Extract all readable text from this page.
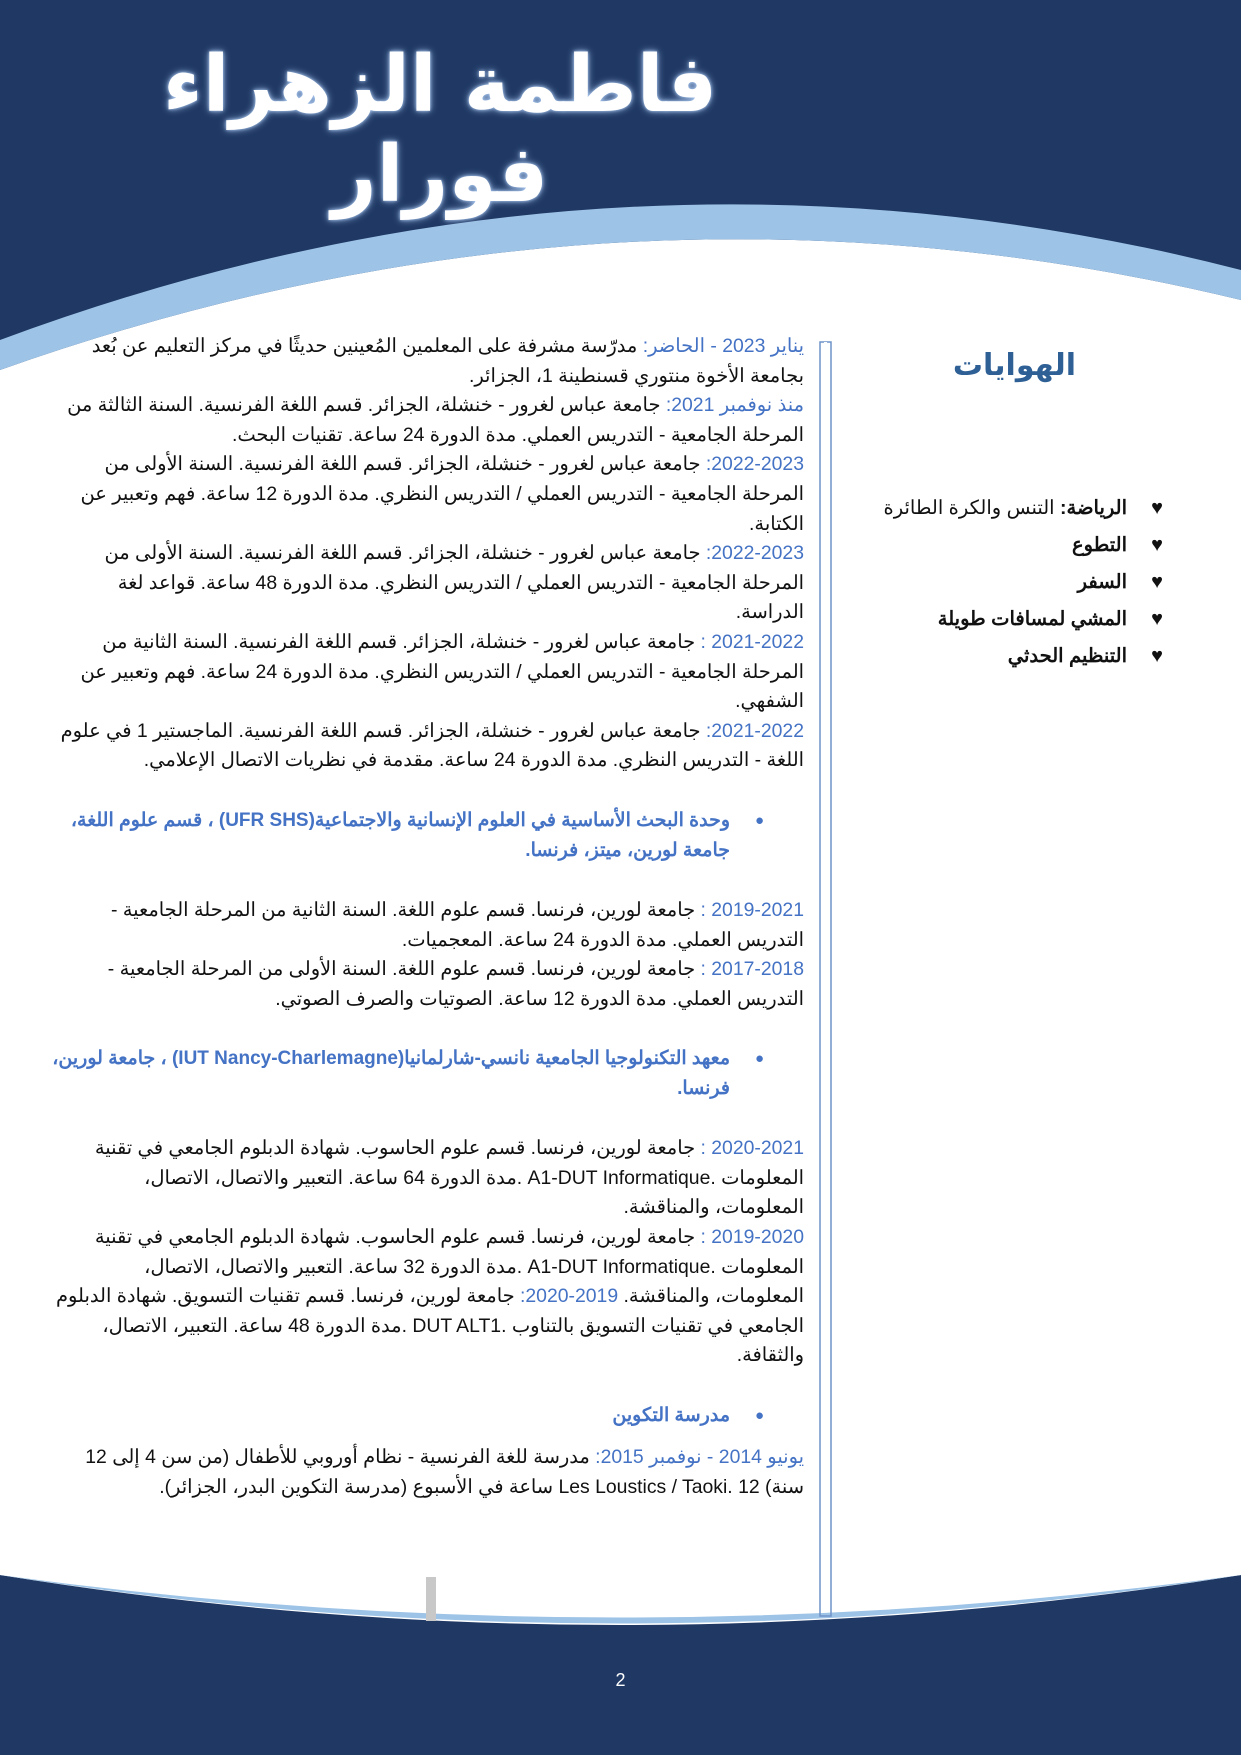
فاطمة الزهراء فورار

يناير 2023 - الحاضر: مدرّسة مشرفة على المعلمين المُعينين حديثًا في مركز التعليم عن بُعد بجامعة الأخوة منتوري قسنطينة 1، الجزائر.

منذ نوفمبر 2021: جامعة عباس لغرور - خنشلة، الجزائر. قسم اللغة الفرنسية. السنة الثالثة من المرحلة الجامعية - التدريس العملي. مدة الدورة 24 ساعة. تقنيات البحث.

2022-2023: جامعة عباس لغرور - خنشلة، الجزائر. قسم اللغة الفرنسية. السنة الأولى من المرحلة الجامعية - التدريس العملي / التدريس النظري. مدة الدورة 12 ساعة. فهم وتعبير عن الكتابة.

2022-2023: جامعة عباس لغرور - خنشلة، الجزائر. قسم اللغة الفرنسية. السنة الأولى من المرحلة الجامعية - التدريس العملي / التدريس النظري. مدة الدورة 48 ساعة. قواعد لغة الدراسة.

2021-2022 : جامعة عباس لغرور - خنشلة، الجزائر. قسم اللغة الفرنسية. السنة الثانية من المرحلة الجامعية - التدريس العملي / التدريس النظري. مدة الدورة 24 ساعة. فهم وتعبير عن الشفهي.

2021-2022: جامعة عباس لغرور - خنشلة، الجزائر. قسم اللغة الفرنسية. الماجستير 1 في علوم اللغة - التدريس النظري. مدة الدورة 24 ساعة. مقدمة في نظريات الاتصال الإعلامي.

●
وحدة البحث الأساسية في العلوم الإنسانية والاجتماعية(UFR SHS) ، قسم علوم اللغة، جامعة لورين، ميتز، فرنسا.

2019-2021 : جامعة لورين، فرنسا. قسم علوم اللغة. السنة الثانية من المرحلة الجامعية - التدريس العملي. مدة الدورة 24 ساعة. المعجميات.

2017-2018 : جامعة لورين، فرنسا. قسم علوم اللغة. السنة الأولى من المرحلة الجامعية - التدريس العملي. مدة الدورة 12 ساعة. الصوتيات والصرف الصوتي.

●
معهد التكنولوجيا الجامعية نانسي-شارلمانيا(IUT Nancy-Charlemagne) ، جامعة لورين، فرنسا.

2020-2021 : جامعة لورين، فرنسا. قسم علوم الحاسوب. شهادة الدبلوم الجامعي في تقنية المعلومات .A1-DUT Informatique .مدة الدورة 64 ساعة. التعبير والاتصال، الاتصال، المعلومات، والمناقشة.

2019-2020 : جامعة لورين، فرنسا. قسم علوم الحاسوب. شهادة الدبلوم الجامعي في تقنية المعلومات .A1-DUT Informatique .مدة الدورة 32 ساعة. التعبير والاتصال، الاتصال، المعلومات، والمناقشة. 2019-2020: جامعة لورين، فرنسا. قسم تقنيات التسويق. شهادة الدبلوم الجامعي في تقنيات التسويق بالتناوب .DUT ALT1 .مدة الدورة 48 ساعة. التعبير، الاتصال، والثقافة.

●
مدرسة التكوين

يونيو 2014 - نوفمبر 2015: مدرسة للغة الفرنسية - نظام أوروبي للأطفال (من سن 4 إلى 12 سنة) Les Loustics / Taoki. 12 ساعة في الأسبوع (مدرسة التكوين البدر، الجزائر).

الهوايات
♥
الرياضة: التنس والكرة الطائرة
♥
التطوع
♥
السفر
♥
المشي لمسافات طويلة
♥
التنظيم الحدثي
2
